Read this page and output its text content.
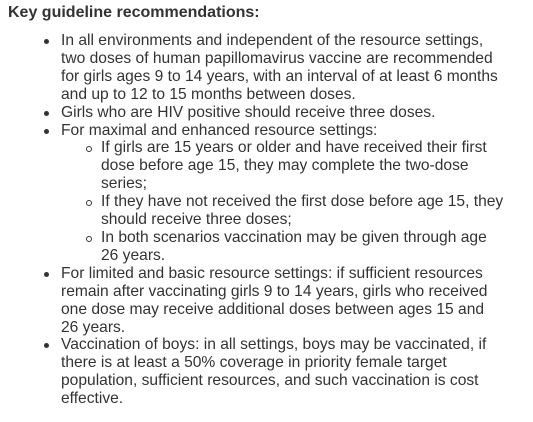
Key guideline recommendations:
In all environments and independent of the resource settings, two doses of human papillomavirus vaccine are recommended for girls ages 9 to 14 years, with an interval of at least 6 months and up to 12 to 15 months between doses.
Girls who are HIV positive should receive three doses.
For maximal and enhanced resource settings:
If girls are 15 years or older and have received their first dose before age 15, they may complete the two-dose series;
If they have not received the first dose before age 15, they should receive three doses;
In both scenarios vaccination may be given through age 26 years.
For limited and basic resource settings: if sufficient resources remain after vaccinating girls 9 to 14 years, girls who received one dose may receive additional doses between ages 15 and 26 years.
Vaccination of boys: in all settings, boys may be vaccinated, if there is at least a 50% coverage in priority female target population, sufficient resources, and such vaccination is cost effective.
